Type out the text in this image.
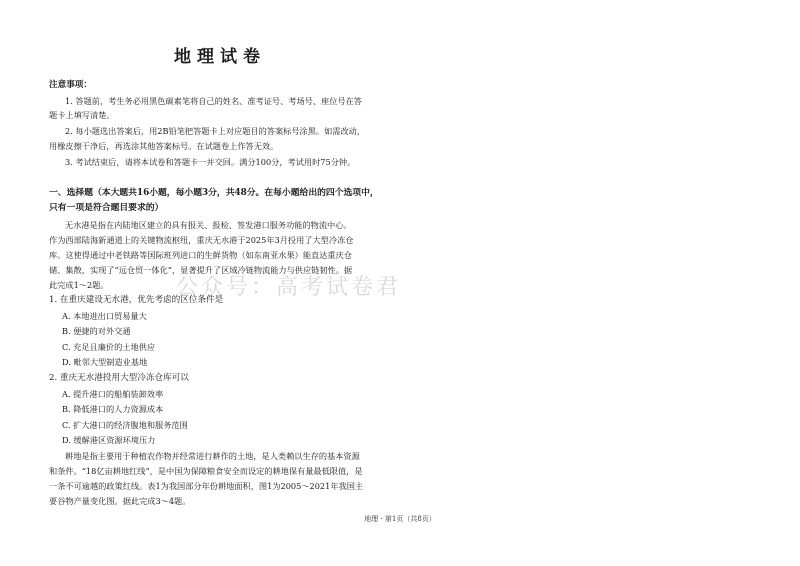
地理试卷
注意事项：
1. 答题前，考生务必用黑色碳素笔将自己的姓名、准考证号、考场号、座位号在答
题卡上填写清楚。
2. 每小题选出答案后，用2B铅笔把答题卡上对应题目的答案标号涂黑。如需改动，
用橡皮擦干净后，再选涂其他答案标号。在试题卷上作答无效。
3. 考试结束后，请将本试卷和答题卡一并交回。满分100分，考试用时75分钟。
一、选择题（本大题共16小题，每小题3分，共48分。在每小题给出的四个选项中，
只有一项是符合题目要求的）
无水港是指在内陆地区建立的具有报关、报检、签发港口服务功能的物流中心。
作为西部陆海新通道上的关键物流枢纽，重庆无水港于2025年3月投用了大型冷冻仓
库。这使得通过中老铁路等国际班列进口的生鲜货物（如东南亚水果）能直达重庆仓
储、集散，实现了“远仓贸一体化”，显著提升了区域冷链物流能力与供应链韧性。据
此完成1～2题。	公众号：高考试卷君
1. 在重庆建设无水港，优先考虑的区位条件是
A. 本地进出口贸易量大
B. 便捷的对外交通
C. 充足且廉价的土地供应
D. 毗邻大型制造业基地
2. 重庆无水港投用大型冷冻仓库可以
A. 提升港口的船舶装卸效率
B. 降低港口的人力资源成本
C. 扩大港口的经济腹地和服务范围
D. 缓解港区资源环境压力
耕地是指主要用于种植农作物并经常进行耕作的土地，是人类赖以生存的基本资源
和条件。“18亿亩耕地红线”，是中国为保障粮食安全而设定的耕地保有量最低限值，是
一条不可逾越的政策红线。表1为我国部分年份耕地面积，图1为2005～2021年我国主
要谷物产量变化图。据此完成3～4题。
地理 · 第1页（共8页）
